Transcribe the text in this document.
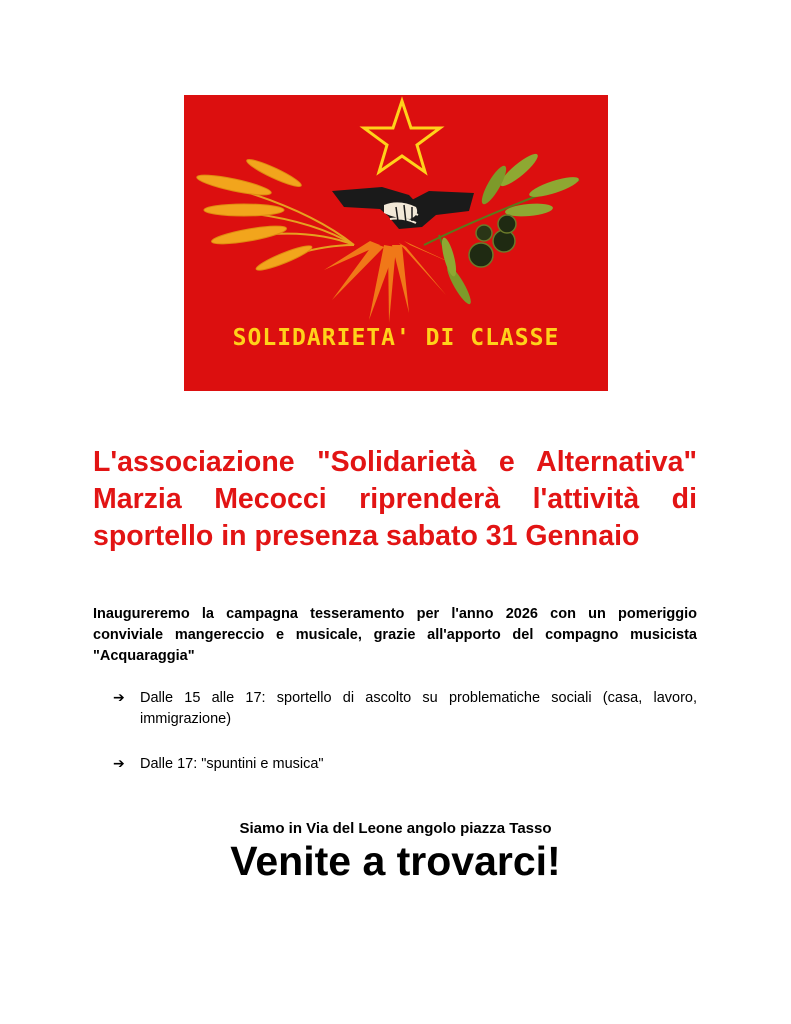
SOLIDARIETA' DI CLASSE

L'associazione "Solidarietà e Alternativa" Marzia Mecocci riprenderà l'attività di sportello in presenza sabato 31 Gennaio

Inaugureremo la campagna tesseramento per l'anno 2026 con un pomeriggio conviviale mangereccio e musicale, grazie all'apporto del compagno musicista "Acquaraggia"

➔ Dalle 15 alle 17: sportello di ascolto su problematiche sociali (casa, lavoro, immigrazione)
➔ Dalle 17: "spuntini e musica"
Siamo in Via del Leone angolo piazza Tasso
Venite a trovarci!
